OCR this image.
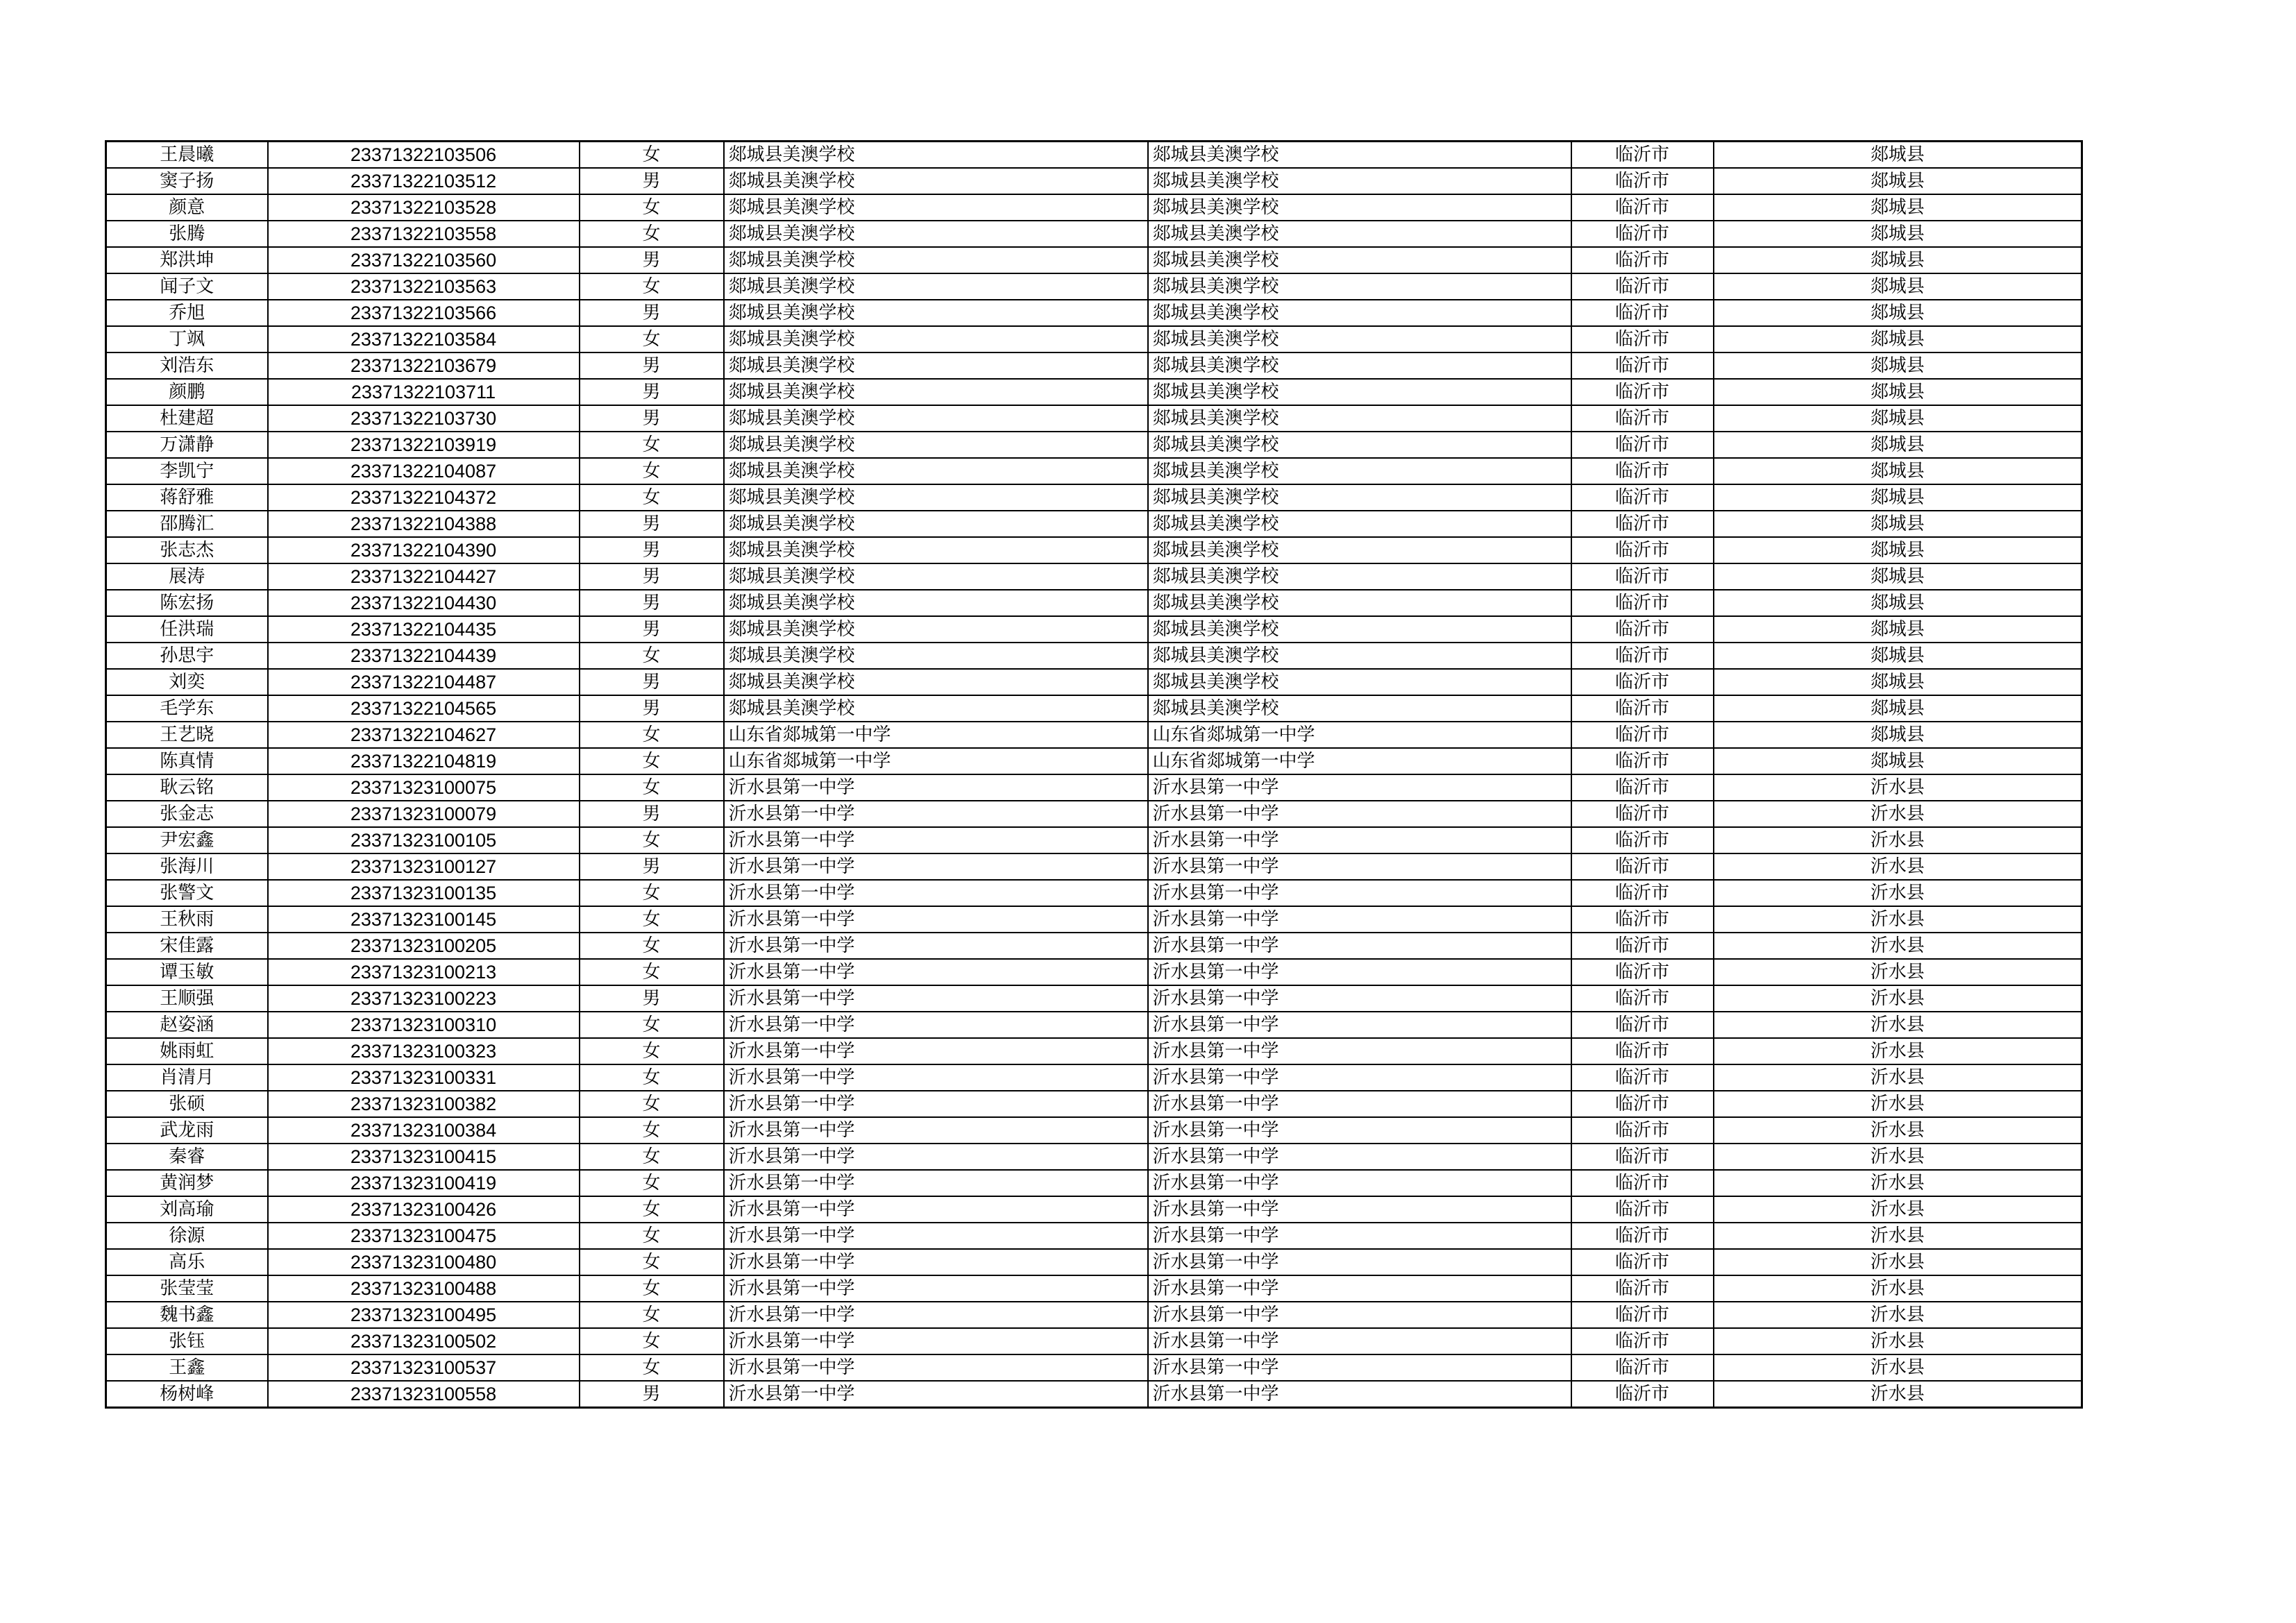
王晨曦	23371322103506	女	郯城县美澳学校	郯城县美澳学校	临沂市	郯城县
窦子扬	23371322103512	男	郯城县美澳学校	郯城县美澳学校	临沂市	郯城县
颜意	23371322103528	女	郯城县美澳学校	郯城县美澳学校	临沂市	郯城县
张腾	23371322103558	女	郯城县美澳学校	郯城县美澳学校	临沂市	郯城县
郑洪坤	23371322103560	男	郯城县美澳学校	郯城县美澳学校	临沂市	郯城县
闻子文	23371322103563	女	郯城县美澳学校	郯城县美澳学校	临沂市	郯城县
乔旭	23371322103566	男	郯城县美澳学校	郯城县美澳学校	临沂市	郯城县
丁飒	23371322103584	女	郯城县美澳学校	郯城县美澳学校	临沂市	郯城县
刘浩东	23371322103679	男	郯城县美澳学校	郯城县美澳学校	临沂市	郯城县
颜鹏	23371322103711	男	郯城县美澳学校	郯城县美澳学校	临沂市	郯城县
杜建超	23371322103730	男	郯城县美澳学校	郯城县美澳学校	临沂市	郯城县
万潇静	23371322103919	女	郯城县美澳学校	郯城县美澳学校	临沂市	郯城县
李凯宁	23371322104087	女	郯城县美澳学校	郯城县美澳学校	临沂市	郯城县
蒋舒雅	23371322104372	女	郯城县美澳学校	郯城县美澳学校	临沂市	郯城县
邵腾汇	23371322104388	男	郯城县美澳学校	郯城县美澳学校	临沂市	郯城县
张志杰	23371322104390	男	郯城县美澳学校	郯城县美澳学校	临沂市	郯城县
展涛	23371322104427	男	郯城县美澳学校	郯城县美澳学校	临沂市	郯城县
陈宏扬	23371322104430	男	郯城县美澳学校	郯城县美澳学校	临沂市	郯城县
任洪瑞	23371322104435	男	郯城县美澳学校	郯城县美澳学校	临沂市	郯城县
孙思宇	23371322104439	女	郯城县美澳学校	郯城县美澳学校	临沂市	郯城县
刘奕	23371322104487	男	郯城县美澳学校	郯城县美澳学校	临沂市	郯城县
毛学东	23371322104565	男	郯城县美澳学校	郯城县美澳学校	临沂市	郯城县
王艺晓	23371322104627	女	山东省郯城第一中学	山东省郯城第一中学	临沂市	郯城县
陈真情	23371322104819	女	山东省郯城第一中学	山东省郯城第一中学	临沂市	郯城县
耿云铭	23371323100075	女	沂水县第一中学	沂水县第一中学	临沂市	沂水县
张金志	23371323100079	男	沂水县第一中学	沂水县第一中学	临沂市	沂水县
尹宏鑫	23371323100105	女	沂水县第一中学	沂水县第一中学	临沂市	沂水县
张海川	23371323100127	男	沂水县第一中学	沂水县第一中学	临沂市	沂水县
张警文	23371323100135	女	沂水县第一中学	沂水县第一中学	临沂市	沂水县
王秋雨	23371323100145	女	沂水县第一中学	沂水县第一中学	临沂市	沂水县
宋佳露	23371323100205	女	沂水县第一中学	沂水县第一中学	临沂市	沂水县
谭玉敏	23371323100213	女	沂水县第一中学	沂水县第一中学	临沂市	沂水县
王顺强	23371323100223	男	沂水县第一中学	沂水县第一中学	临沂市	沂水县
赵姿涵	23371323100310	女	沂水县第一中学	沂水县第一中学	临沂市	沂水县
姚雨虹	23371323100323	女	沂水县第一中学	沂水县第一中学	临沂市	沂水县
肖清月	23371323100331	女	沂水县第一中学	沂水县第一中学	临沂市	沂水县
张硕	23371323100382	女	沂水县第一中学	沂水县第一中学	临沂市	沂水县
武龙雨	23371323100384	女	沂水县第一中学	沂水县第一中学	临沂市	沂水县
秦睿	23371323100415	女	沂水县第一中学	沂水县第一中学	临沂市	沂水县
黄润梦	23371323100419	女	沂水县第一中学	沂水县第一中学	临沂市	沂水县
刘高瑜	23371323100426	女	沂水县第一中学	沂水县第一中学	临沂市	沂水县
徐源	23371323100475	女	沂水县第一中学	沂水县第一中学	临沂市	沂水县
高乐	23371323100480	女	沂水县第一中学	沂水县第一中学	临沂市	沂水县
张莹莹	23371323100488	女	沂水县第一中学	沂水县第一中学	临沂市	沂水县
魏书鑫	23371323100495	女	沂水县第一中学	沂水县第一中学	临沂市	沂水县
张钰	23371323100502	女	沂水县第一中学	沂水县第一中学	临沂市	沂水县
王鑫	23371323100537	女	沂水县第一中学	沂水县第一中学	临沂市	沂水县
杨树峰	23371323100558	男	沂水县第一中学	沂水县第一中学	临沂市	沂水县
